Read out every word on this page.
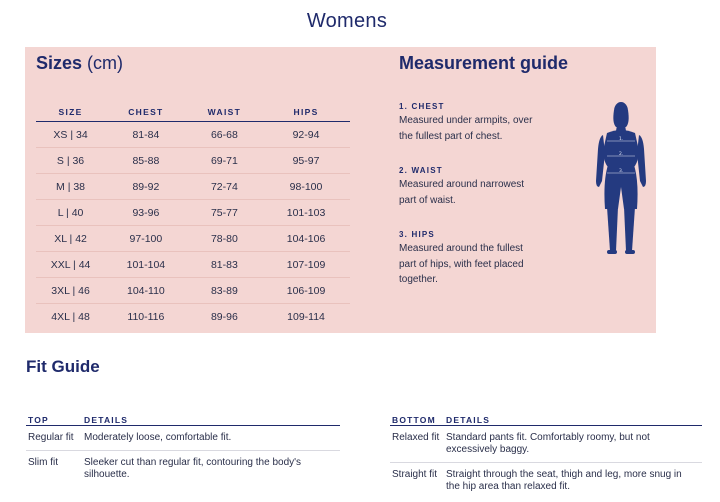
Womens
Sizes (cm)
SIZE	CHEST	WAIST	HIPS
XS | 34	81-84	66-68	92-94
S | 36	85-88	69-71	95-97
M | 38	89-92	72-74	98-100
L | 40	93-96	75-77	101-103
XL | 42	97-100	78-80	104-106
XXL | 44	101-104	81-83	107-109
3XL | 46	104-110	83-89	106-109
4XL | 48	110-116	89-96	109-114
Measurement guide
1. CHEST
Measured under armpits, over the fullest part of chest.
2. WAIST
Measured around narrowest part of waist.
3. HIPS
Measured around the fullest part of hips, with feet placed together.
1.
2.
3.
Fit Guide
TOP	DETAILS
Regular fit	Moderately loose, comfortable fit.
Slim fit	Sleeker cut than regular fit, contouring the body's silhouette.
BOTTOM	DETAILS
Relaxed fit	Standard pants fit. Comfortably roomy, but not excessively baggy.
Straight fit	Straight through the seat, thigh and leg, more snug in the hip area than relaxed fit.
